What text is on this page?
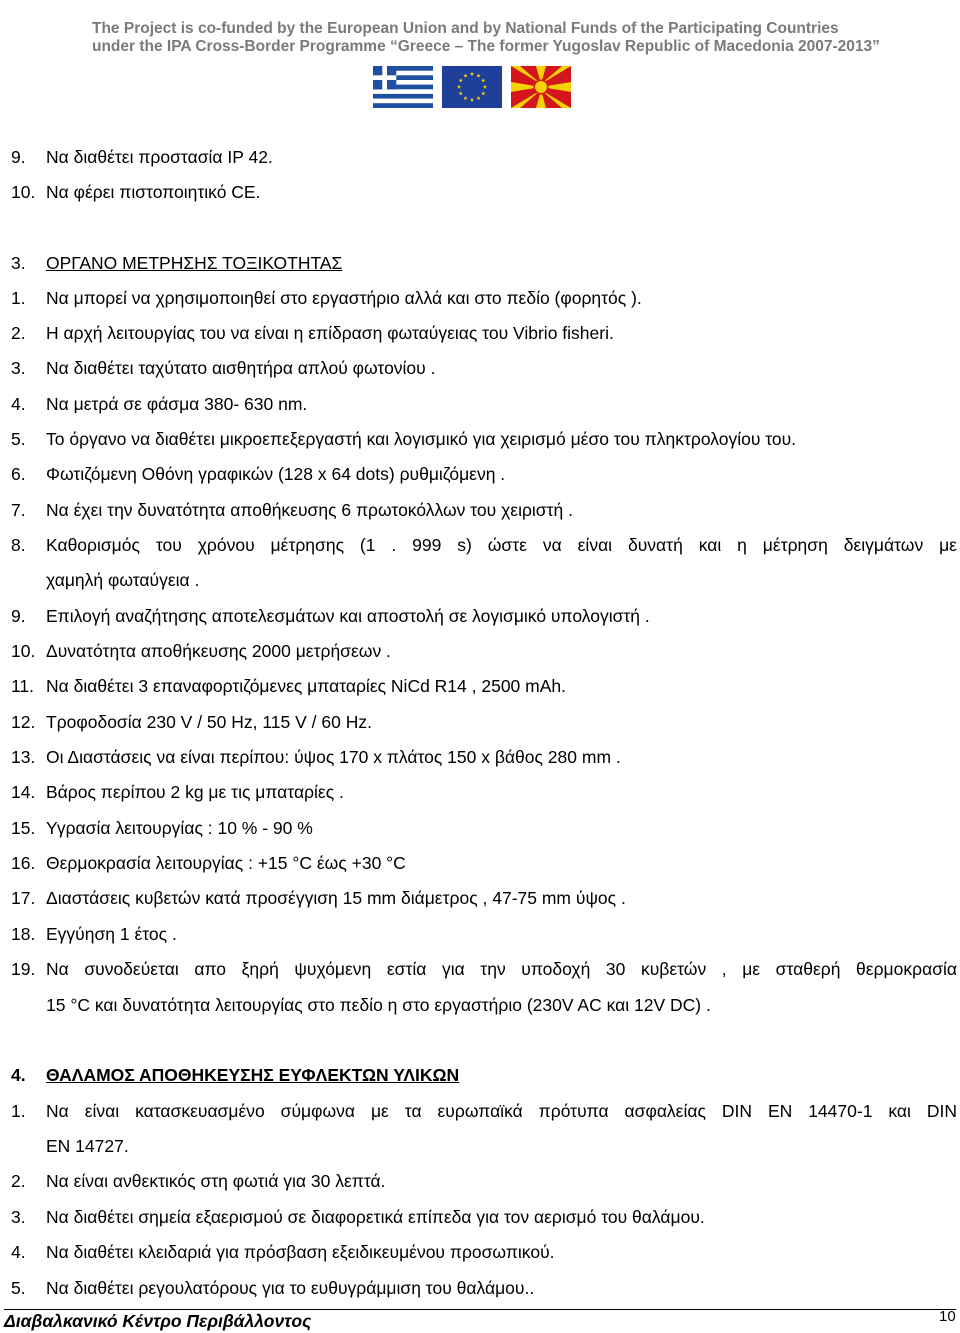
The Project is co-funded by the European Union and by National Funds of the Participating Countries
under the IPA Cross-Border Programme “Greece – The former Yugoslav Republic of Macedonia 2007-2013”
9. Να διαθέτει προστασία IP 42.
10. Να φέρει πιστοποιητικό CE.
3. ΟΡΓΑΝΟ ΜΕΤΡΗΣΗΣ ΤΟΞΙΚΟΤΗΤΑΣ
1. Να μπορεί να χρησιμοποιηθεί στο εργαστήριο αλλά και στο πεδίο (φορητός ).
2. Η αρχή λειτουργίας του να είναι η επίδραση φωταύγειας του Vibrio fisheri.
3. Να διαθέτει ταχύτατο αισθητήρα απλού φωτονίου .
4. Να μετρά σε φάσμα 380- 630 nm.
5. Το όργανο να διαθέτει μικροεπεξεργαστή και λογισμικό για χειρισμό μέσο του πληκτρολογίου του.
6. Φωτιζόμενη Οθόνη γραφικών (128 x 64 dots) ρυθμιζόμενη .
7. Να έχει την δυνατότητα αποθήκευσης 6 πρωτοκόλλων του χειριστή .
8. Καθορισμός του χρόνου μέτρησης (1 . 999 s) ώστε να είναι δυνατή και η μέτρηση δειγμάτων με
χαμηλή φωταύγεια .
9. Επιλογή αναζήτησης αποτελεσμάτων και αποστολή σε λογισμικό υπολογιστή .
10. Δυνατότητα αποθήκευσης 2000 μετρήσεων .
11. Να διαθέτει 3 επαναφορτιζόμενες μπαταρίες NiCd R14 , 2500 mAh.
12. Τροφοδοσία 230 V / 50 Hz, 115 V / 60 Hz.
13. Οι Διαστάσεις να είναι περίπου: ύψος 170 x πλάτος 150 x βάθος 280 mm .
14. Βάρος περίπου 2 kg με τις μπαταρίες .
15. Υγρασία λειτουργίας : 10 % - 90 %
16. Θερμοκρασία λειτουργίας : +15 °C έως +30 °C
17. Διαστάσεις κυβετών κατά προσέγγιση 15 mm διάμετρος , 47-75 mm ύψος .
18. Εγγύηση 1 έτος .
19. Να συνοδεύεται απο ξηρή ψυχόμενη εστία για την υποδοχή 30 κυβετών , με σταθερή θερμοκρασία
15 °C και δυνατότητα λειτουργίας στο πεδίο η στο εργαστήριο (230V AC και 12V DC) .
4. ΘΑΛΑΜΟΣ ΑΠΟΘΗΚΕΥΣΗΣ ΕΥΦΛΕΚΤΩΝ ΥΛΙΚΩΝ
1. Να είναι κατασκευασμένο σύμφωνα με τα ευρωπαϊκά πρότυπα ασφαλείας DIN EN 14470-1 και DIN
EN 14727.
2. Να είναι ανθεκτικός στη φωτιά για 30 λεπτά.
3. Να διαθέτει σημεία εξαερισμού σε διαφορετικά επίπεδα για τον αερισμό του θαλάμου.
4. Να διαθέτει κλειδαριά για πρόσβαση εξειδικευμένου προσωπικού.
5. Να διαθέτει ρεγουλατόρους για το ευθυγράμμιση του θαλάμου..
Διαβαλκανικό Κέντρο Περιβάλλοντος	10
